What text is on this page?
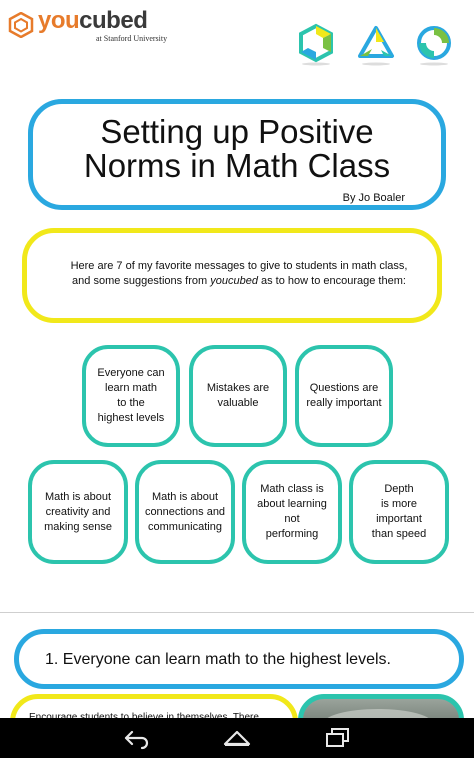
youcubed
at Stanford University
Setting up Positive
Norms in Math Class
By Jo Boaler
Here are 7 of my favorite messages to give to students in math class, and some suggestions from youcubed as to how to encourage them:
Everyone can
learn math
to the
highest levels
Mistakes are
valuable
Questions are
really important
Math is about
creativity and
making sense
Math is about
connections and
communicating
Math class is
about learning not
performing
Depth
is more important
than speed
1. Everyone can learn math to the highest levels.
